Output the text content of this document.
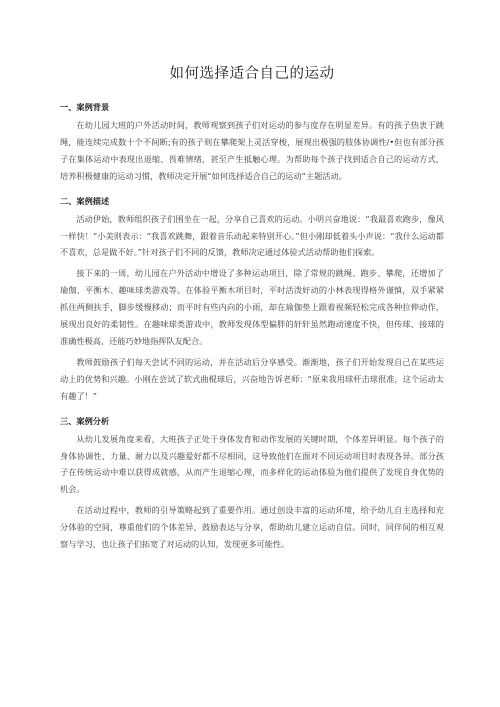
如何选择适合自己的运动
一、案例背景

在幼儿园大班的户外活动时间，教师观察到孩子们对运动的参与度存在明显差异。有的孩子热衷于跳绳，能连续完成数十个不间断;有的孩子则在攀爬架上灵活穿梭，展现出极强的肢体协调性/•但也有部分孩子在集体运动中表现出退缩、畏难情绪，甚至产生抵触心理。为帮助每个孩子找到适合自己的运动方式，培养积极健康的运动习惯，教师决定开展“如何选择适合自己的运动”主题活动。

二、案例描述

活动伊始，教师组织孩子们围坐在一起，分享自己喜欢的运动。小明兴奋地说：“我最喜欢跑步，像风一样快！”小美则表示：“我喜欢跳舞，跟着音乐动起来特别开心。”但小刚却低着头小声说：“我什么运动都不喜欢，总是做不好。”针对孩子们不同的反馈，教师决定通过体验式活动帮助他们探索。

接下来的一周，幼儿园在户外活动中增设了多种运动项目，除了常规的跳绳、跑步、攀爬，还增加了瑜伽、平衡木、趣味球类游戏等。在体验平衡木项目时，平时活泼好动的小林表现得格外谨慎，双手紧紧抓住两侧扶手，脚步缓慢移动；而平时有些内向的小雨，却在瑜伽垫上跟着视频轻松完成各种拉伸动作，展现出良好的柔韧性。在趣味球类游戏中，教师发现体型偏胖的轩轩虽然跑动速度不快，但传球、接球的准确性极高，还能巧妙地指挥队友配合。

教师鼓励孩子们每天尝试不同的运动，并在活动后分享感受。渐渐地，孩子们开始发现自己在某些运动上的优势和兴趣。小刚在尝试了软式曲棍球后，兴奋地告诉老师：“原来我用球杆击球很准，这个运动太有趣了！”

三、案例分析

从幼儿发展角度来看，大班孩子正处于身体发育和动作发展的关键时期，个体差异明显。每个孩子的身体协调性、力量、耐力以及兴趣爱好都不尽相同，这导致他们在面对不同运动项目时表现各异。部分孩子在传统运动中难以获得成就感，从而产生退缩心理，而多样化的运动体验为他们提供了发现自身优势的机会。

在活动过程中，教师的引导策略起到了重要作用。通过创设丰富的运动环境，给予幼儿自主选择和充分体验的空间，尊重他们的个体差异，鼓励表达与分享，帮助幼儿建立运动自信。同时，同伴间的相互观察与学习，也让孩子们拓宽了对运动的认知，发现更多可能性。
